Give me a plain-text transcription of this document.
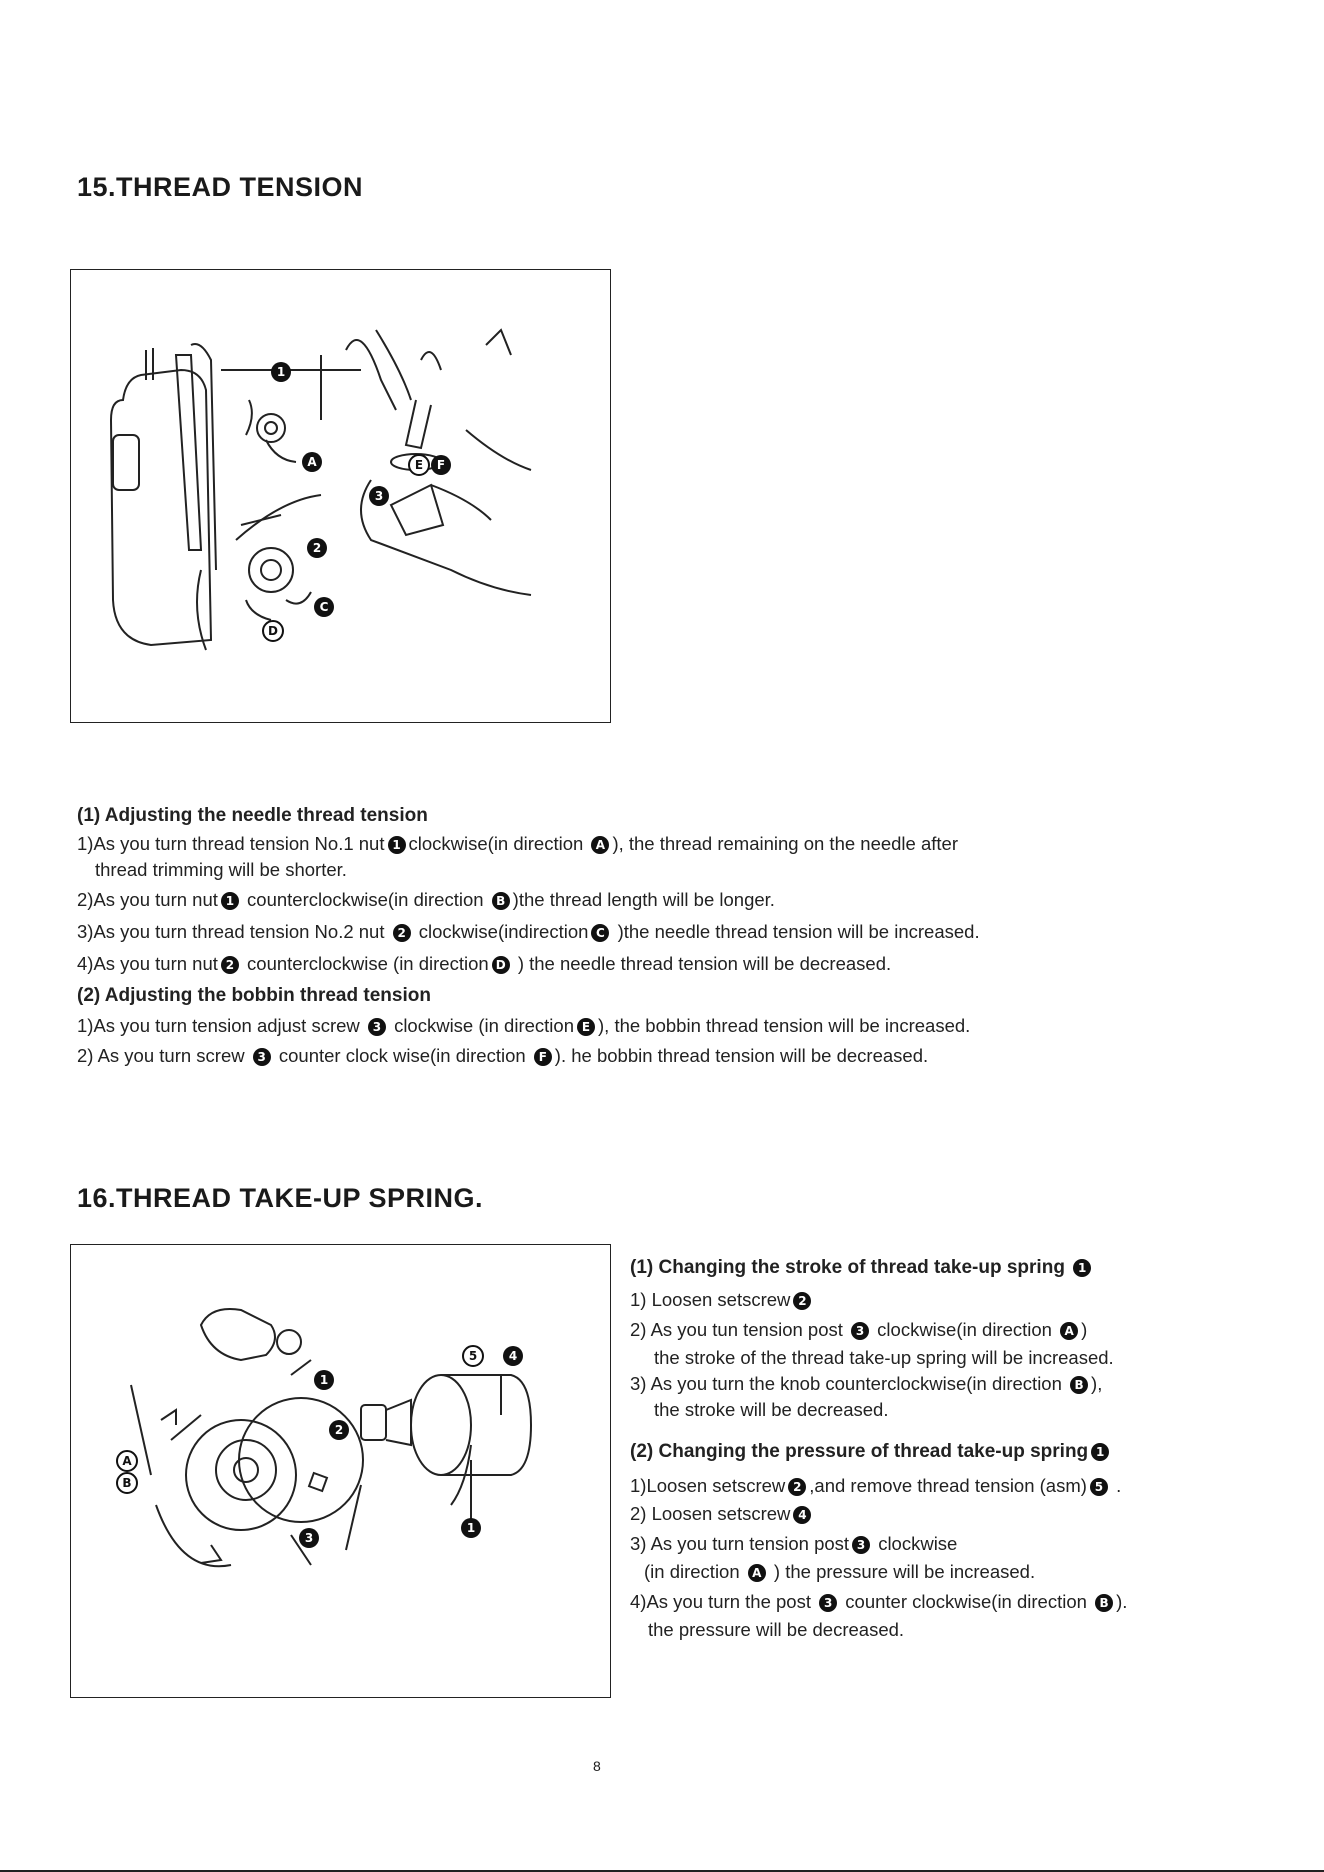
15.THREAD TENSION
1
A
2
C
D
3
E F
(1) Adjusting the needle thread tension
1)As you turn thread tension No.1 nut 1 clockwise(in direction A ), the thread remaining on the needle after
thread trimming will be shorter.
2)As you turn nut 1 counterclockwise(in direction B )the thread length will be longer.
3)As you turn thread tension No.2 nut 2 clockwise(indirection C )the needle thread tension will be increased.
4)As you turn nut 2 counterclockwise (in direction D ) the needle thread tension will be decreased.
(2) Adjusting the bobbin thread tension
1)As you turn tension adjust screw 3 clockwise (in direction E ), the bobbin thread tension will be increased.
2) As you turn screw 3 counter clock wise(in direction F ). he bobbin thread tension will be decreased.
16.THREAD TAKE-UP SPRING.
1
2
A
B
3
5	4
1
(1) Changing the stroke of thread take-up spring 1
1) Loosen setscrew 2
2) As you tun tension post 3 clockwise(in direction A )
the stroke of the thread take-up spring will be increased.
3) As you turn the knob counterclockwise(in direction B ),
the stroke will be decreased.
(2) Changing the pressure of thread take-up spring 1
1)Loosen setscrew 2 ,and remove thread tension (asm) 5 .
2) Loosen setscrew 4
3) As you turn tension post 3 clockwise
(in direction A ) the pressure will be increased.
4)As you turn the post 3 counter clockwise(in direction B ).
the pressure will be decreased.
8
